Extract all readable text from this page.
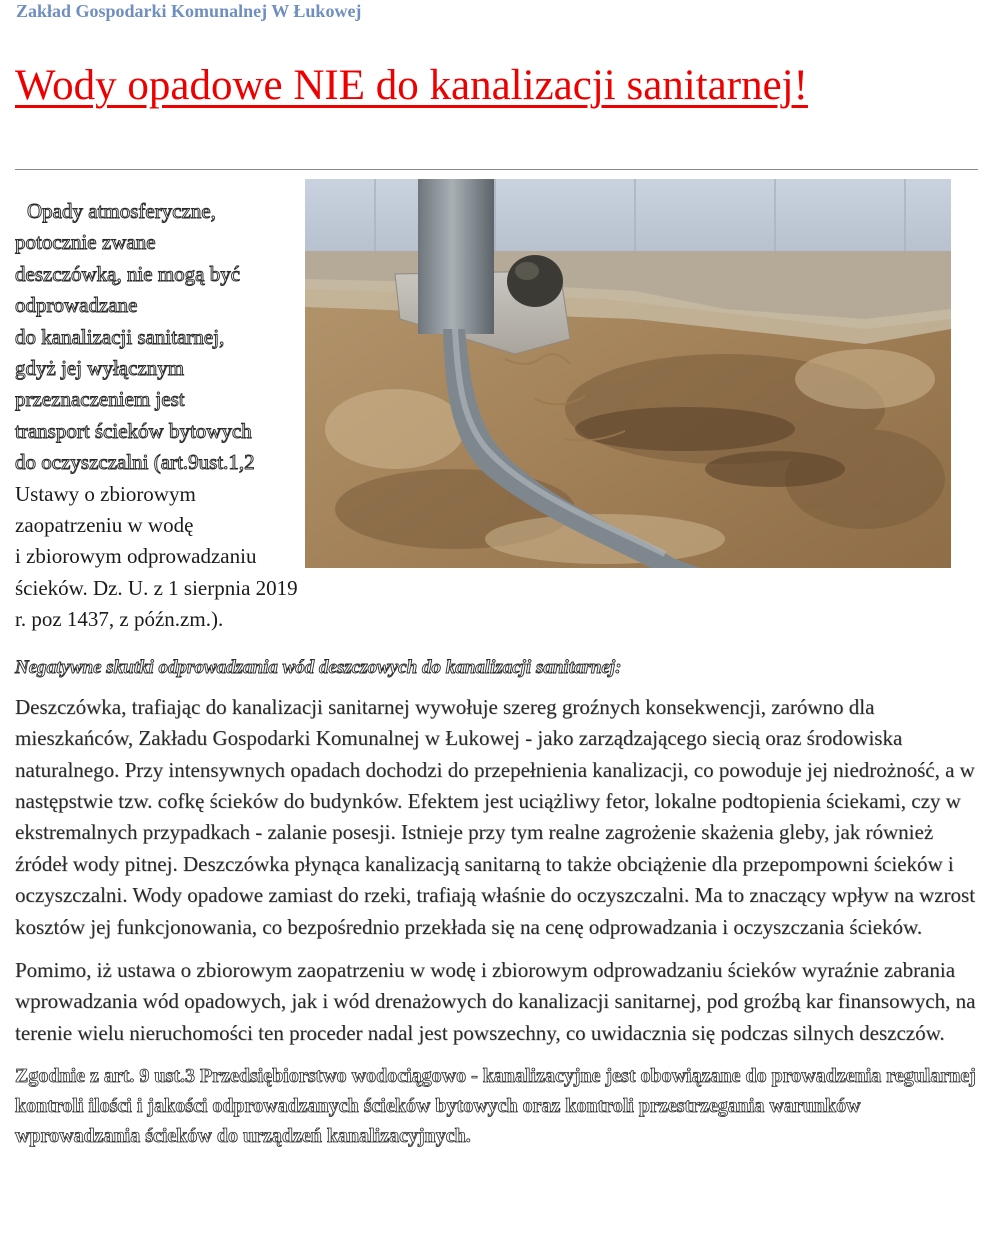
Zakład Gospodarki Komunalnej W Łukowej
Wody opadowe NIE do kanalizacji sanitarnej!

Opady atmosferyczne,
potocznie zwane
deszczówką, nie mogą być
odprowadzane
do kanalizacji sanitarnej,
gdyż jej wyłącznym
przeznaczeniem jest
transport ścieków bytowych
do oczyszczalni (art.9ust.1,2
Ustawy o zbiorowym
zaopatrzeniu w wodę
i zbiorowym odprowadzaniu
ścieków. Dz. U. z 1 sierpnia 2019 r. poz 1437, z późn.zm.).

Negatywne skutki odprowadzania wód deszczowych do kanalizacji sanitarnej:

Deszczówka, trafiając do kanalizacji sanitarnej wywołuje szereg groźnych konsekwencji, zarówno dla mieszkańców, Zakładu Gospodarki Komunalnej w Łukowej - jako zarządzającego siecią oraz środowiska naturalnego. Przy intensywnych opadach dochodzi do przepełnienia kanalizacji, co powoduje jej niedrożność, a w następstwie tzw. cofkę ścieków do budynków. Efektem jest uciążliwy fetor, lokalne podtopienia ściekami, czy w ekstremalnych przypadkach - zalanie posesji. Istnieje przy tym realne zagrożenie skażenia gleby, jak również źródeł wody pitnej. Deszczówka płynąca kanalizacją sanitarną to także obciążenie dla przepompowni ścieków i oczyszczalni. Wody opadowe zamiast do rzeki, trafiają właśnie do oczyszczalni. Ma to znaczący wpływ na wzrost kosztów jej funkcjonowania, co bezpośrednio przekłada się na cenę odprowadzania i oczyszczania ścieków.

Pomimo, iż ustawa o zbiorowym zaopatrzeniu w wodę i zbiorowym odprowadzaniu ścieków wyraźnie zabrania wprowadzania wód opadowych, jak i wód drenażowych do kanalizacji sanitarnej, pod groźbą kar finansowych, na terenie wielu nieruchomości ten proceder nadal jest powszechny, co uwidacznia się podczas silnych deszczów.

Zgodnie z art. 9 ust.3 Przedsiębiorstwo wodociągowo - kanalizacyjne jest obowiązane do prowadzenia regularnej kontroli ilości i jakości odprowadzanych ścieków bytowych oraz kontroli przestrzegania warunków wprowadzania ścieków do urządzeń kanalizacyjnych.
